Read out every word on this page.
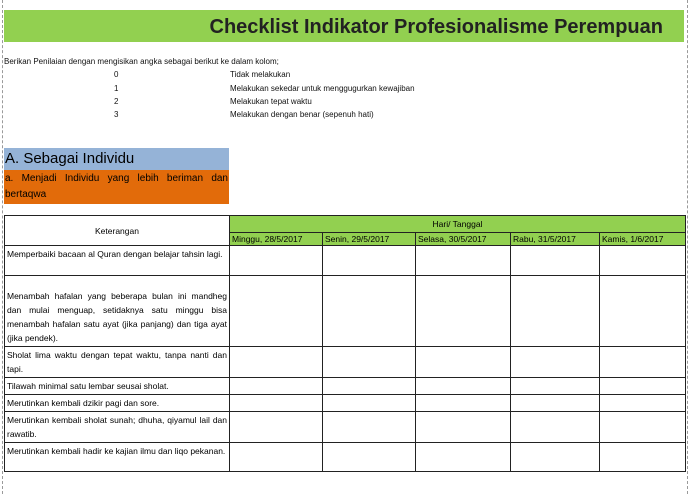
Checklist Indikator Profesionalisme Perempuan
Berikan Penilaian dengan mengisikan angka sebagai berikut ke dalam kolom;
0	Tidak melakukan
1	Melakukan sekedar untuk menggugurkan kewajiban
2	Melakukan tepat waktu
3	Melakukan dengan benar (sepenuh hati)
A. Sebagai Individu
a. Menjadi Individu yang lebih beriman dan bertaqwa
Keterangan	Hari/ Tanggal				
	Minggu, 28/5/2017	Senin, 29/5/2017	Selasa, 30/5/2017	Rabu, 31/5/2017	Kamis, 1/6/2017
Memperbaiki bacaan al Quran dengan belajar tahsin lagi.					
Menambah hafalan yang beberapa bulan ini mandheg dan mulai menguap, setidaknya satu minggu bisa menambah hafalan satu ayat (jika panjang) dan tiga ayat (jika pendek).					
Sholat lima waktu dengan tepat waktu, tanpa nanti dan tapi.					
Tilawah minimal satu lembar seusai sholat.					
Merutinkan kembali dzikir pagi dan sore.					
Merutinkan kembali sholat sunah; dhuha, qiyamul lail dan rawatib.					
Merutinkan kembali hadir ke kajian ilmu dan liqo pekanan.					
